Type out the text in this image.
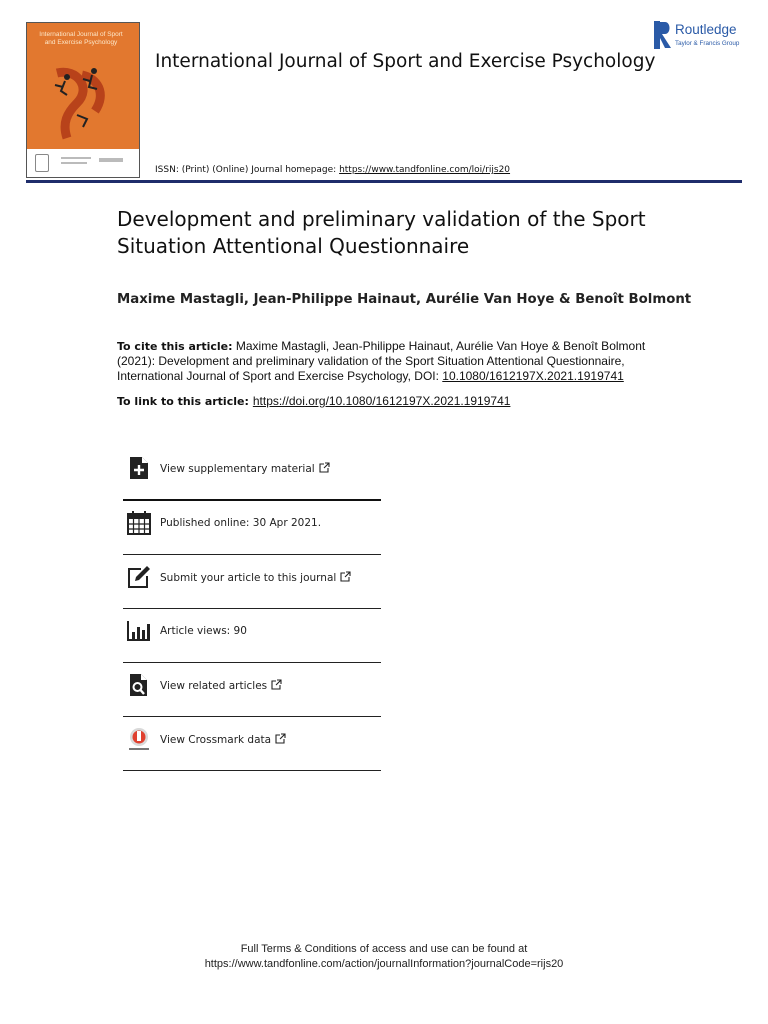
International Journal of Sport and Exercise Psychology
International Journal of Sport and Exercise Psychology
ISSN: (Print) (Online) Journal homepage: https://www.tandfonline.com/loi/rijs20
Routledge
Taylor & Francis Group
Development and preliminary validation of the Sport Situation Attentional Questionnaire
Maxime Mastagli, Jean-Philippe Hainaut, Aurélie Van Hoye & Benoît Bolmont
To cite this article: Maxime Mastagli, Jean-Philippe Hainaut, Aurélie Van Hoye & Benoît Bolmont (2021): Development and preliminary validation of the Sport Situation Attentional Questionnaire, International Journal of Sport and Exercise Psychology, DOI: 10.1080/1612197X.2021.1919741
To link to this article: https://doi.org/10.1080/1612197X.2021.1919741
View supplementary material
Published online: 30 Apr 2021.
Submit your article to this journal
Article views: 90
View related articles
View Crossmark data
Full Terms & Conditions of access and use can be found at
https://www.tandfonline.com/action/journalInformation?journalCode=rijs20
